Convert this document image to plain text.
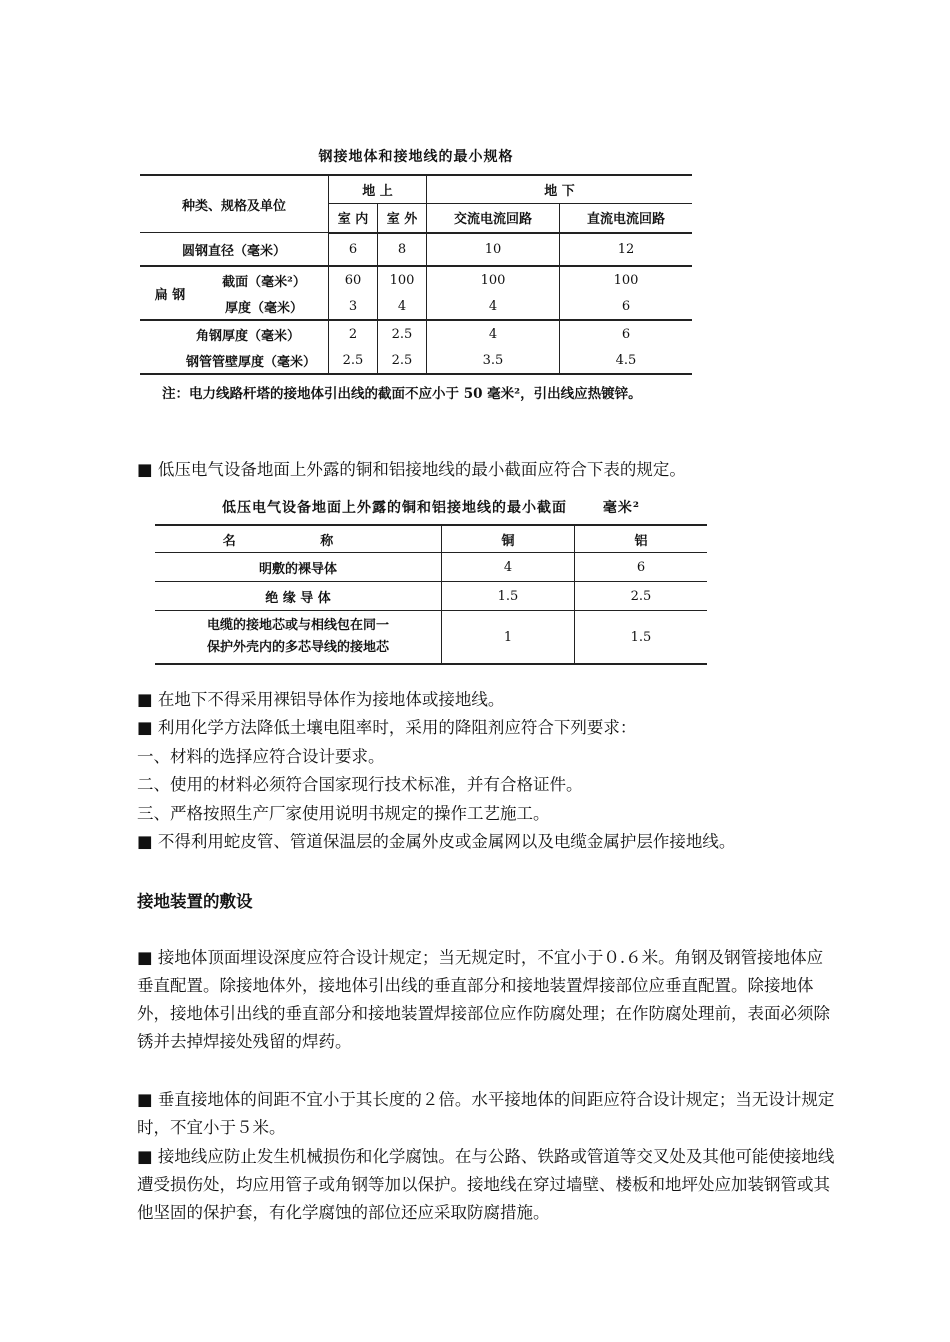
钢接地体和接地线的最小规格
种类、规格及单位		地 上		地 下	
		室 内	室 外	交流电流回路	直流电流回路
圆钢直径（毫米）		6	8	10	12
扁 钢	截面（毫米²）	60	100	100	100
	厚度（毫米）	3	4	4	6
角钢厚度（毫米）		2	2.5	4	6
钢管管壁厚度（毫米）		2.5	2.5	3.5	4.5
注：电力线路杆塔的接地体引出线的截面不应小于 50 毫米²，引出线应热镀锌。
■ 低压电气设备地面上外露的铜和铝接地线的最小截面应符合下表的规定。
低压电气设备地面上外露的铜和铝接地线的最小截面	毫米²
名 称	铜	铝
明敷的裸导体	4	6
绝 缘 导 体	1.5	2.5

电缆的接地芯或与相线包在同一
保护外壳内的多芯导线的接地芯	1	1.5
■ 在地下不得采用裸铝导体作为接地体或接地线。
■ 利用化学方法降低土壤电阻率时，采用的降阻剂应符合下列要求：
一、材料的选择应符合设计要求。
二、使用的材料必须符合国家现行技术标准，并有合格证件。
三、严格按照生产厂家使用说明书规定的操作工艺施工。
■ 不得利用蛇皮管、管道保温层的金属外皮或金属网以及电缆金属护层作接地线。
接地装置的敷设
■ 接地体顶面埋设深度应符合设计规定；当无规定时，不宜小于０.６米。角钢及钢管接地体应垂直配置。除接地体外，接地体引出线的垂直部分和接地装置焊接部位应垂直配置。除接地体外，接地体引出线的垂直部分和接地装置焊接部位应作防腐处理；在作防腐处理前，表面必须除锈并去掉焊接处残留的焊药。
■ 垂直接地体的间距不宜小于其长度的２倍。水平接地体的间距应符合设计规定；当无设计规定时，不宜小于５米。
■ 接地线应防止发生机械损伤和化学腐蚀。在与公路、铁路或管道等交叉处及其他可能使接地线遭受损伤处，均应用管子或角钢等加以保护。接地线在穿过墙壁、楼板和地坪处应加装钢管或其他坚固的保护套，有化学腐蚀的部位还应采取防腐措施。
